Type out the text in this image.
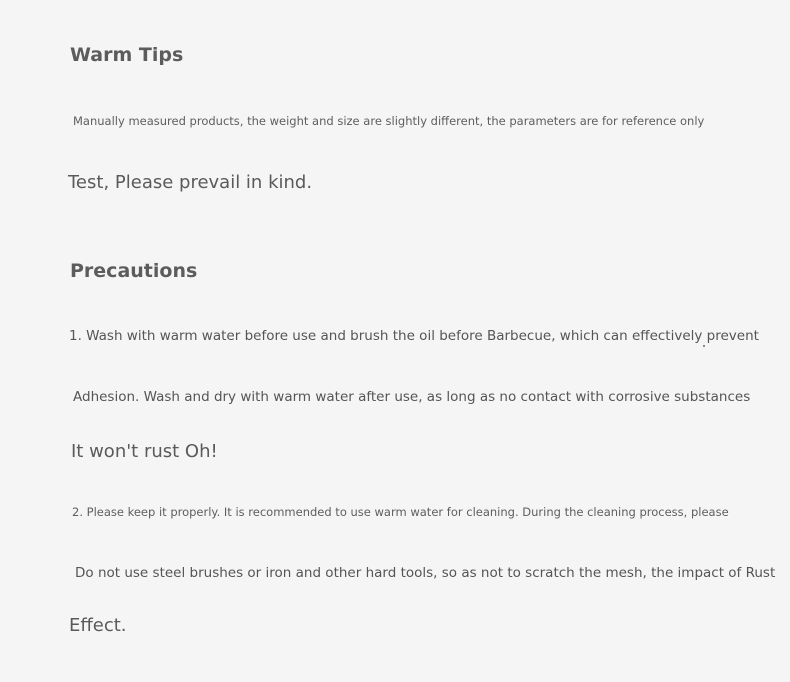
Warm Tips

Manually measured products, the weight and size are slightly different, the parameters are for reference only

Test, Please prevail in kind.

Precautions

1. Wash with warm water before use and brush the oil before Barbecue, which can effectively prevent

Adhesion. Wash and dry with warm water after use, as long as no contact with corrosive substances

It won't rust Oh!

2. Please keep it properly. It is recommended to use warm water for cleaning. During the cleaning process, please

Do not use steel brushes or iron and other hard tools, so as not to scratch the mesh, the impact of Rust

Effect.
